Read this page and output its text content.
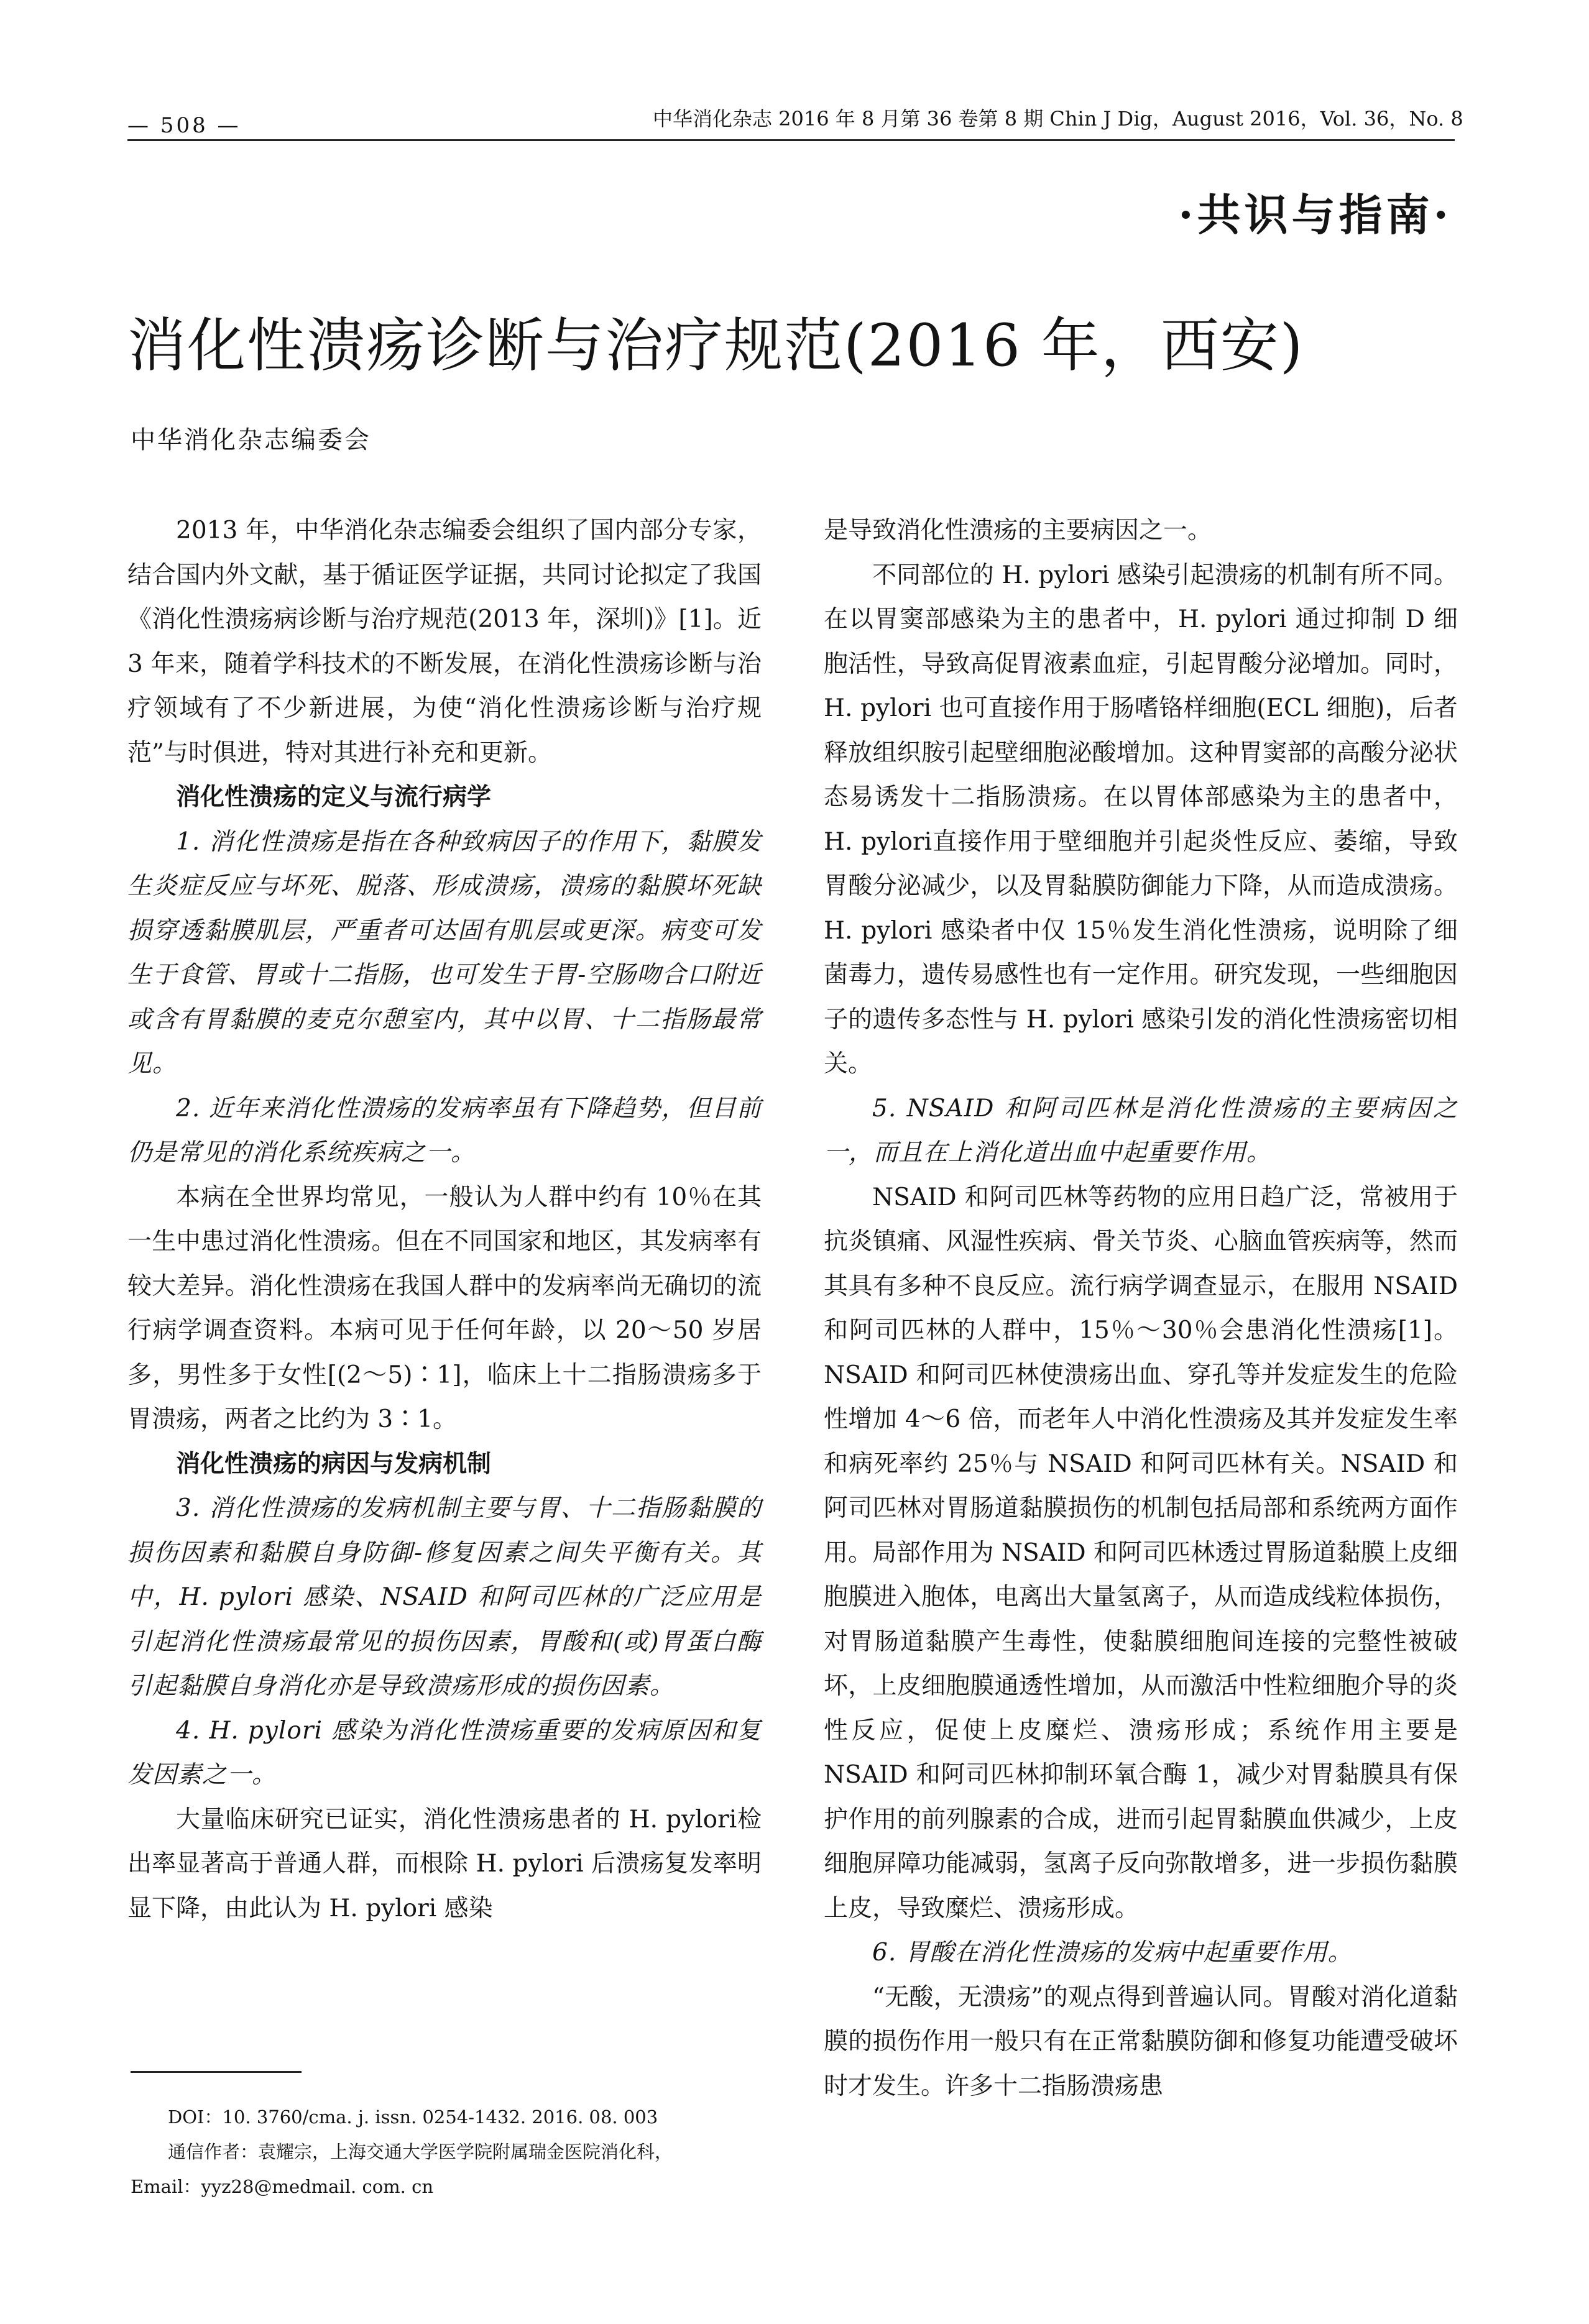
— 508 —	中华消化杂志 2016 年 8 月第 36 卷第 8 期 Chin J Dig，August 2016，Vol. 36，No. 8
·共识与指南·
消化性溃疡诊断与治疗规范(2016 年，西安)
中华消化杂志编委会

2013 年，中华消化杂志编委会组织了国内部分专家，结合国内外文献，基于循证医学证据，共同讨论拟定了我国《消化性溃疡病诊断与治疗规范(2013 年，深圳)》[1]。近 3 年来，随着学科技术的不断发展，在消化性溃疡诊断与治疗领域有了不少新进展，为使“消化性溃疡诊断与治疗规范”与时俱进，特对其进行补充和更新。

消化性溃疡的定义与流行病学

1. 消化性溃疡是指在各种致病因子的作用下，黏膜发生炎症反应与坏死、脱落、形成溃疡，溃疡的黏膜坏死缺损穿透黏膜肌层，严重者可达固有肌层或更深。病变可发生于食管、胃或十二指肠，也可发生于胃-空肠吻合口附近或含有胃黏膜的麦克尔憩室内，其中以胃、十二指肠最常见。

2. 近年来消化性溃疡的发病率虽有下降趋势，但目前仍是常见的消化系统疾病之一。

本病在全世界均常见，一般认为人群中约有 10％在其一生中患过消化性溃疡。但在不同国家和地区，其发病率有较大差异。消化性溃疡在我国人群中的发病率尚无确切的流行病学调查资料。本病可见于任何年龄，以 20～50 岁居多，男性多于女性[(2～5)∶1]，临床上十二指肠溃疡多于胃溃疡，两者之比约为 3∶1。

消化性溃疡的病因与发病机制

3. 消化性溃疡的发病机制主要与胃、十二指肠黏膜的损伤因素和黏膜自身防御-修复因素之间失平衡有关。其中，H. pylori 感染、NSAID 和阿司匹林的广泛应用是引起消化性溃疡最常见的损伤因素，胃酸和(或)胃蛋白酶引起黏膜自身消化亦是导致溃疡形成的损伤因素。

4. H. pylori 感染为消化性溃疡重要的发病原因和复发因素之一。

大量临床研究已证实，消化性溃疡患者的 H. pylori检出率显著高于普通人群，而根除 H. pylori 后溃疡复发率明显下降，由此认为 H. pylori 感染

是导致消化性溃疡的主要病因之一。

不同部位的 H. pylori 感染引起溃疡的机制有所不同。在以胃窦部感染为主的患者中，H. pylori 通过抑制 D 细胞活性，导致高促胃液素血症，引起胃酸分泌增加。同时，H. pylori 也可直接作用于肠嗜铬样细胞(ECL 细胞)，后者释放组织胺引起壁细胞泌酸增加。这种胃窦部的高酸分泌状态易诱发十二指肠溃疡。在以胃体部感染为主的患者中，H. pylori直接作用于壁细胞并引起炎性反应、萎缩，导致胃酸分泌减少，以及胃黏膜防御能力下降，从而造成溃疡。H. pylori 感染者中仅 15％发生消化性溃疡，说明除了细菌毒力，遗传易感性也有一定作用。研究发现，一些细胞因子的遗传多态性与 H. pylori 感染引发的消化性溃疡密切相关。

5. NSAID 和阿司匹林是消化性溃疡的主要病因之一，而且在上消化道出血中起重要作用。

NSAID 和阿司匹林等药物的应用日趋广泛，常被用于抗炎镇痛、风湿性疾病、骨关节炎、心脑血管疾病等，然而其具有多种不良反应。流行病学调查显示，在服用 NSAID 和阿司匹林的人群中，15％～30％会患消化性溃疡[1]。NSAID 和阿司匹林使溃疡出血、穿孔等并发症发生的危险性增加 4～6 倍，而老年人中消化性溃疡及其并发症发生率和病死率约 25％与 NSAID 和阿司匹林有关。NSAID 和阿司匹林对胃肠道黏膜损伤的机制包括局部和系统两方面作用。局部作用为 NSAID 和阿司匹林透过胃肠道黏膜上皮细胞膜进入胞体，电离出大量氢离子，从而造成线粒体损伤，对胃肠道黏膜产生毒性，使黏膜细胞间连接的完整性被破坏，上皮细胞膜通透性增加，从而激活中性粒细胞介导的炎性反应，促使上皮糜烂、溃疡形成；系统作用主要是 NSAID 和阿司匹林抑制环氧合酶 1，减少对胃黏膜具有保护作用的前列腺素的合成，进而引起胃黏膜血供减少，上皮细胞屏障功能减弱，氢离子反向弥散增多，进一步损伤黏膜上皮，导致糜烂、溃疡形成。

6. 胃酸在消化性溃疡的发病中起重要作用。

“无酸，无溃疡”的观点得到普遍认同。胃酸对消化道黏膜的损伤作用一般只有在正常黏膜防御和修复功能遭受破坏时才发生。许多十二指肠溃疡患

DOI：10. 3760/cma. j. issn. 0254-1432. 2016. 08. 003
通信作者：袁耀宗，上海交通大学医学院附属瑞金医院消化科，
Email：yyz28@medmail. com. cn
